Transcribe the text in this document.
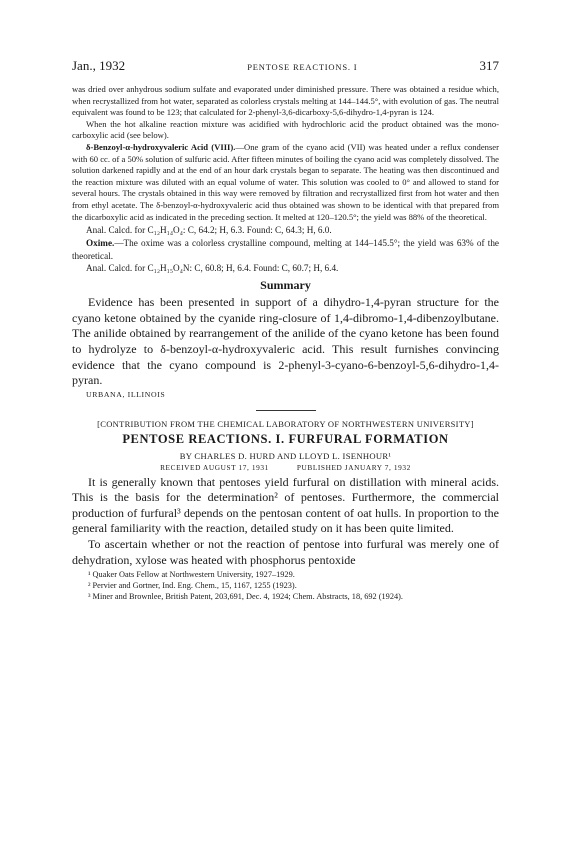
Jan., 1932	PENTOSE REACTIONS. I	317

was dried over anhydrous sodium sulfate and evaporated under diminished pressure. There was obtained a residue which, when recrystallized from hot water, separated as colorless crystals melting at 144–144.5°, with evolution of gas. The neutral equivalent was found to be 123; that calculated for 2-phenyl-3,6-dicarboxy-5,6-dihydro-1,4-pyran is 124.

When the hot alkaline reaction mixture was acidified with hydrochloric acid the product obtained was the mono-carboxylic acid (see below).

δ-Benzoyl-α-hydroxyvaleric Acid (VIII).—One gram of the cyano acid (VII) was heated under a reflux condenser with 60 cc. of a 50% solution of sulfuric acid. After fifteen minutes of boiling the cyano acid was completely dissolved. The solution darkened rapidly and at the end of an hour dark crystals began to separate. The heating was then discontinued and the reaction mixture was diluted with an equal volume of water. This solution was cooled to 0° and allowed to stand for several hours. The crystals obtained in this way were removed by filtration and recrystallized first from hot water and then from ethyl acetate. The δ-benzoyl-α-hydroxyvaleric acid thus obtained was shown to be identical with that prepared from the dicarboxylic acid as indicated in the preceding section. It melted at 120–120.5°; the yield was 88% of the theoretical.

Anal. Calcd. for C₁₂H₁₄O₄: C, 64.2; H, 6.3. Found: C, 64.3; H, 6.0.

Oxime.—The oxime was a colorless crystalline compound, melting at 144–145.5°; the yield was 63% of the theoretical.

Anal. Calcd. for C₁₂H₁₅O₄N: C, 60.8; H, 6.4. Found: C, 60.7; H, 6.4.

Summary

Evidence has been presented in support of a dihydro-1,4-pyran structure for the cyano ketone obtained by the cyanide ring-closure of 1,4-dibromo-1,4-dibenzoylbutane. The anilide obtained by rearrangement of the anilide of the cyano ketone has been found to hydrolyze to δ-benzoyl-α-hydroxyvaleric acid. This result furnishes convincing evidence that the cyano compound is 2-phenyl-3-cyano-6-benzoyl-5,6-dihydro-1,4-pyran.

URBANA, ILLINOIS
[CONTRIBUTION FROM THE CHEMICAL LABORATORY OF NORTHWESTERN UNIVERSITY]
PENTOSE REACTIONS. I. FURFURAL FORMATION
BY CHARLES D. HURD AND LLOYD L. ISENHOUR¹
RECEIVED AUGUST 17, 1931	PUBLISHED JANUARY 7, 1932

It is generally known that pentoses yield furfural on distillation with mineral acids. This is the basis for the determination² of pentoses. Furthermore, the commercial production of furfural³ depends on the pentosan content of oat hulls. In proportion to the general familiarity with the reaction, detailed study on it has been quite limited.

To ascertain whether or not the reaction of pentose into furfural was merely one of dehydration, xylose was heated with phosphorus pentoxide

¹ Quaker Oats Fellow at Northwestern University, 1927–1929.

² Pervier and Gortner, Ind. Eng. Chem., 15, 1167, 1255 (1923).

³ Miner and Brownlee, British Patent, 203,691, Dec. 4, 1924; Chem. Abstracts, 18, 692 (1924).
